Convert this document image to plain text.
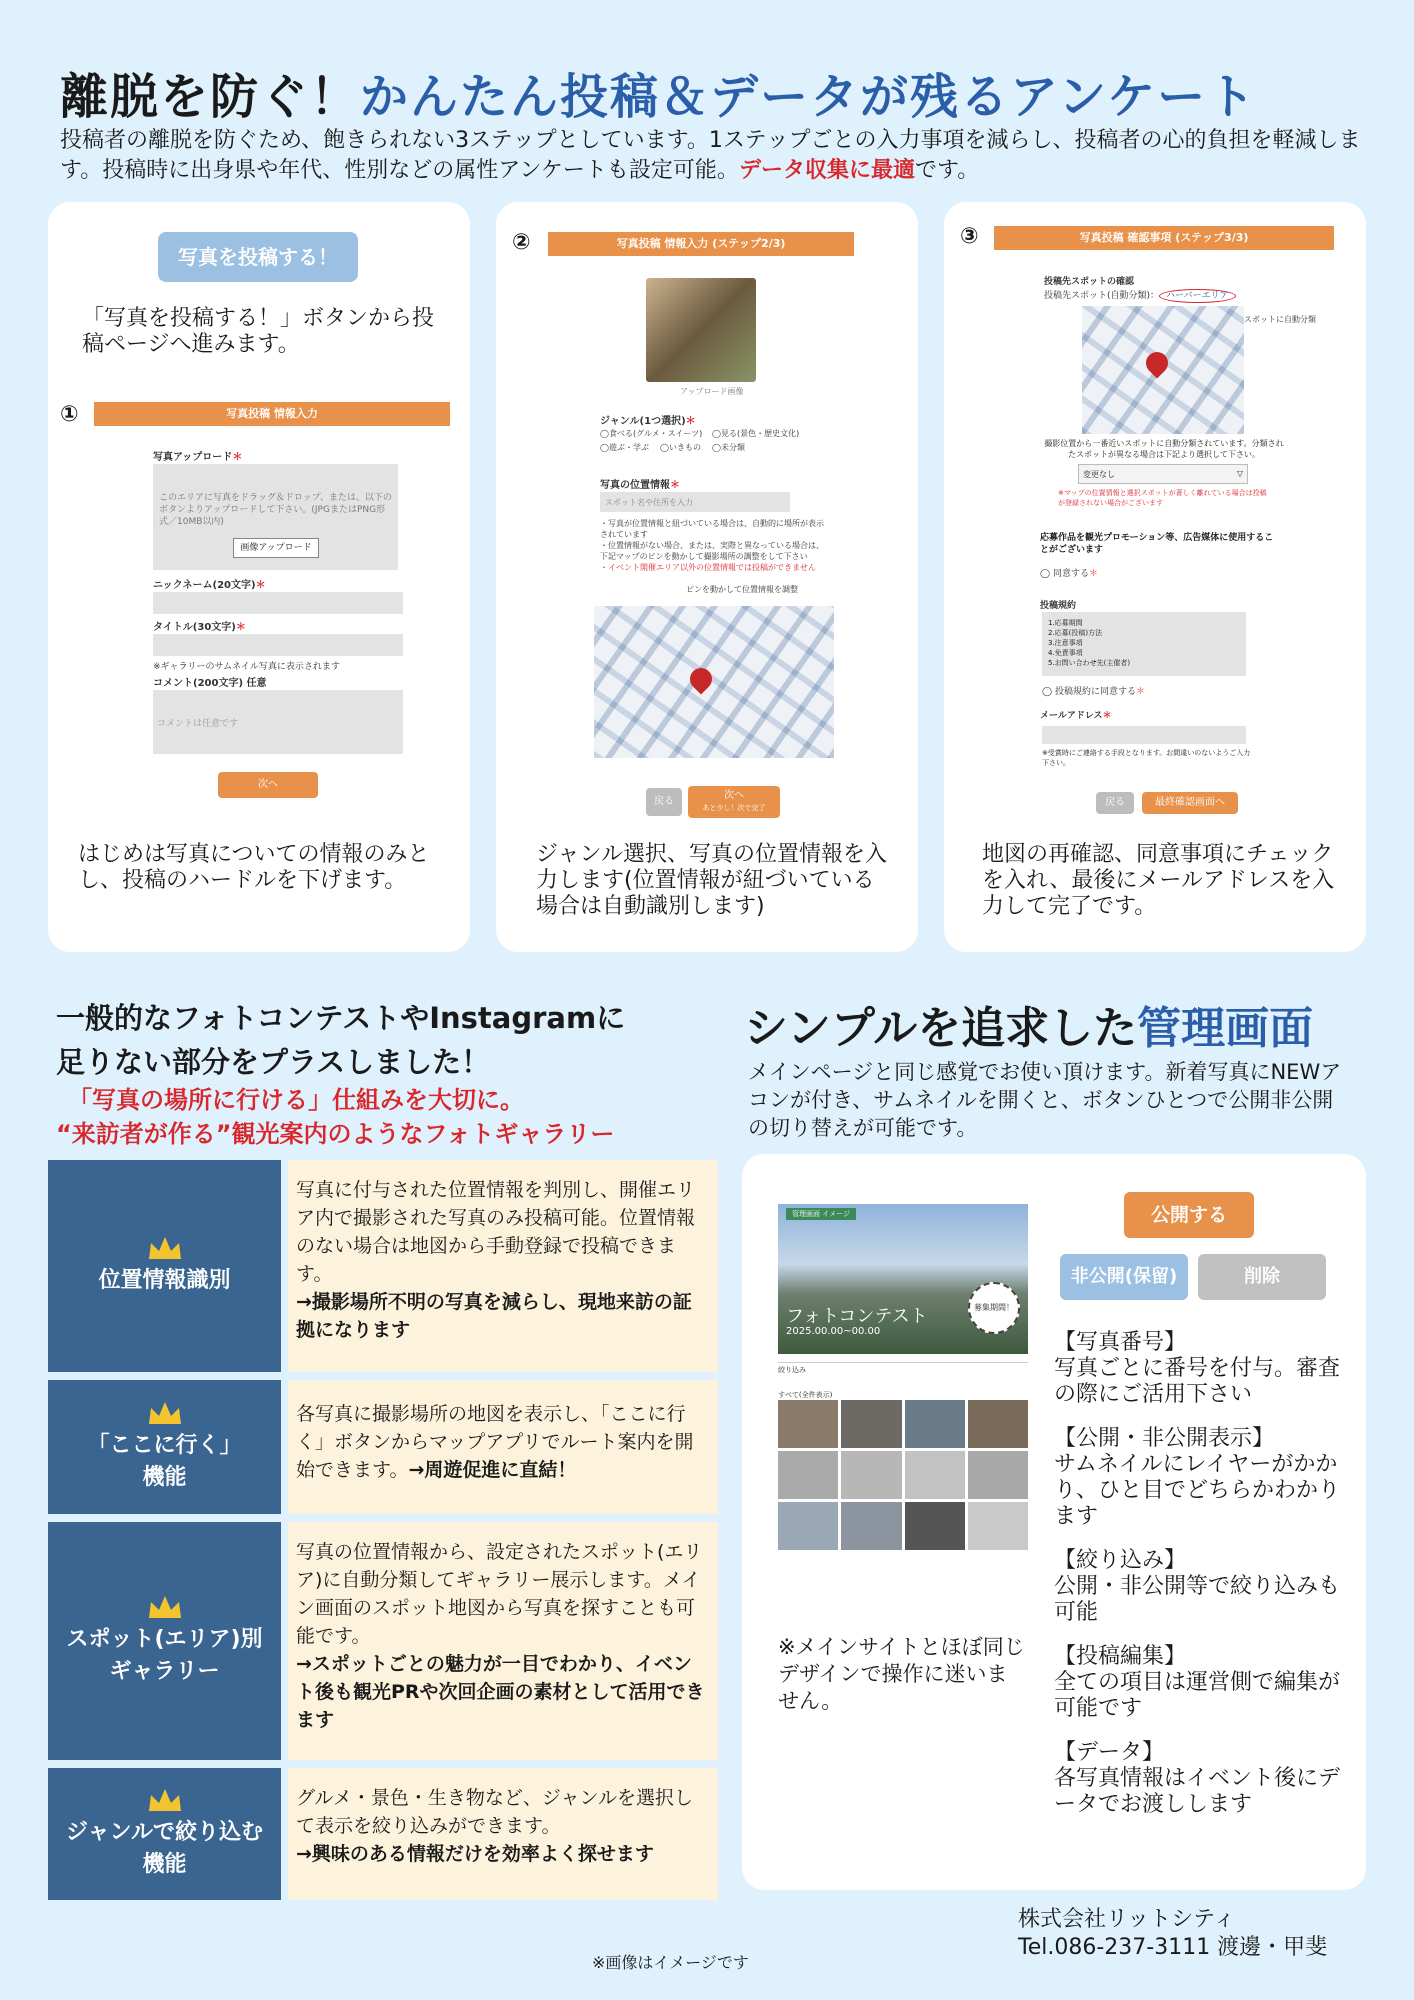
離脱を防ぐ！かんたん投稿＆データが残るアンケート
投稿者の離脱を防ぐため、飽きられない3ステップとしています。1ステップごとの入力事項を減らし、投稿者の心的負担を軽減します。投稿時に出身県や年代、性別などの属性アンケートも設定可能。データ収集に最適です。
写真を投稿する！
「写真を投稿する！」ボタンから投稿ページへ進みます。
①	写真投稿 情報入力
写真アップロード＊
このエリアに写真をドラッグ＆ドロップ、または、以下のボタンよりアップロードして下さい。(JPGまたはPNG形式／10MB以内)
画像アップロード
ニックネーム(20文字)＊
タイトル(30文字)＊
※ギャラリーのサムネイル写真に表示されます
コメント(200文字) 任意
コメントは任意です
次へ
はじめは写真についての情報のみとし、投稿のハードルを下げます。
②	写真投稿 情報入力 (ステップ2/3)
アップロード画像
ジャンル(1つ選択)＊
◯食べる(グルメ・スイーツ) ◯見る(景色・歴史文化)
◯遊ぶ・学ぶ ◯いきもの ◯未分類
写真の位置情報＊
スポット名や住所を入力
・写真が位置情報と紐づいている場合は、自動的に場所が表示されています
・位置情報がない場合、または、実際と異なっている場合は、下記マップのピンを動かして撮影場所の調整をして下さい
・イベント開催エリア以外の位置情報では投稿ができません
ピンを動かして位置情報を調整
戻る
次へ
あと少し！次で完了
ジャンル選択、写真の位置情報を入力します(位置情報が紐づいている場合は自動識別します)
③	写真投稿 確認事項 (ステップ3/3)
投稿先スポットの確認
投稿先スポット(自動分類)： ハーバーエリア
スポットに自動分類
撮影位置から一番近いスポットに自動分類されています。分類されたスポットが異なる場合は下記より選択して下さい。
変更なし	▽
※マップの位置情報と選択スポットが著しく離れている場合は投稿が登録されない場合がございます
応募作品を観光プロモーション等、広告媒体に使用することがございます
◯ 同意する＊
投稿規約
1.応募期間
2.応募(投稿)方法
3.注意事項
4.免責事項
5.お問い合わせ先(主催者)
◯ 投稿規約に同意する＊
メールアドレス＊
※受賞時にご連絡する手段となります。お間違いのないようご入力下さい。
戻る	最終確認画面へ
地図の再確認、同意事項にチェックを入れ、最後にメールアドレスを入力して完了です。
一般的なフォトコンテストやInstagramに
足りない部分をプラスしました！
「写真の場所に行ける」仕組みを大切に。
“来訪者が作る”観光案内のようなフォトギャラリー
位置情報識別
写真に付与された位置情報を判別し、開催エリア内で撮影された写真のみ投稿可能。位置情報のない場合は地図から手動登録で投稿できます。
→撮影場所不明の写真を減らし、現地来訪の証拠になります
「ここに行く」
機能
各写真に撮影場所の地図を表示し、「ここに行く」ボタンからマップアプリでルート案内を開始できます。→周遊促進に直結！
スポット(エリア)別
ギャラリー
写真の位置情報から、設定されたスポット(エリア)に自動分類してギャラリー展示します。メイン画面のスポット地図から写真を探すことも可能です。
→スポットごとの魅力が一目でわかり、イベント後も観光PRや次回企画の素材として活用できます
ジャンルで絞り込む
機能
グルメ・景色・生き物など、ジャンルを選択して表示を絞り込みができます。
→興味のある情報だけを効率よく探せます
シンプルを追求した管理画面
メインページと同じ感覚でお使い頂けます。新着写真にNEWアコンが付き、サムネイルを開くと、ボタンひとつで公開非公開の切り替えが可能です。
管理画面 イメージ
フォトコンテスト
2025.00.00~00.00
募集期間！
絞り込み
すべて(全件表示)
※メインサイトとほぼ同じデザインで操作に迷いません。
公開する
非公開(保留)	削除
【写真番号】
写真ごとに番号を付与。審査の際にご活用下さい
【公開・非公開表示】
サムネイルにレイヤーがかかり、ひと目でどちらかわかります
【絞り込み】
公開・非公開等で絞り込みも可能
【投稿編集】
全ての項目は運営側で編集が可能です
【データ】
各写真情報はイベント後にデータでお渡しします
株式会社リットシティ
Tel.086-237-3111 渡邊・甲斐
※画像はイメージです
